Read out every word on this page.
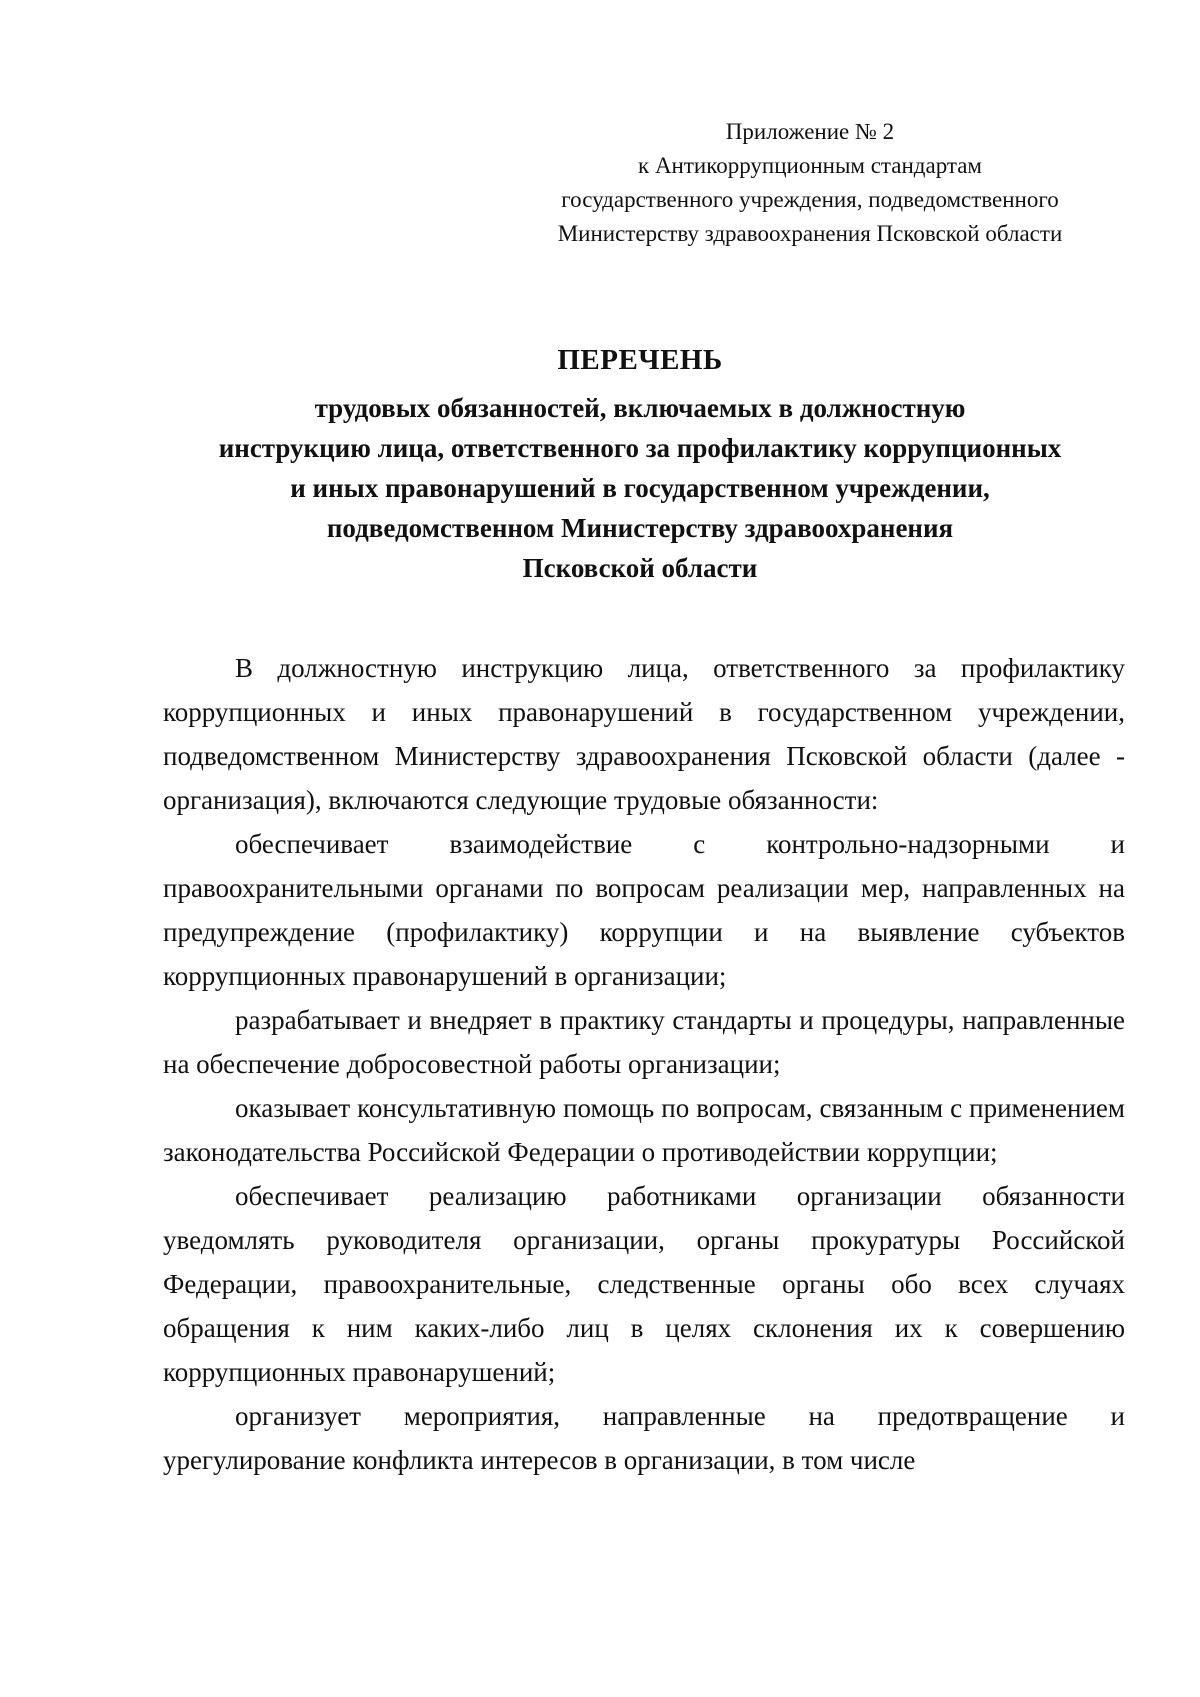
Приложение № 2
к Антикоррупционным стандартам
государственного учреждения, подведомственного
Министерству здравоохранения Псковской области
ПЕРЕЧЕНЬ
трудовых обязанностей, включаемых в должностную
инструкцию лица, ответственного за профилактику коррупционных
и иных правонарушений в государственном учреждении,
подведомственном Министерству здравоохранения
Псковской области

В должностную инструкцию лица, ответственного за профилактику коррупционных и иных правонарушений в государственном учреждении, подведомственном Министерству здравоохранения Псковской области (далее - организация), включаются следующие трудовые обязанности:

обеспечивает взаимодействие с контрольно-надзорными и правоохранительными органами по вопросам реализации мер, направленных на предупреждение (профилактику) коррупции и на выявление субъектов коррупционных правонарушений в организации;

разрабатывает и внедряет в практику стандарты и процедуры, направленные на обеспечение добросовестной работы организации;

оказывает консультативную помощь по вопросам, связанным с применением законодательства Российской Федерации о противодействии коррупции;

обеспечивает реализацию работниками организации обязанности уведомлять руководителя организации, органы прокуратуры Российской Федерации, правоохранительные, следственные органы обо всех случаях обращения к ним каких-либо лиц в целях склонения их к совершению коррупционных правонарушений;

организует мероприятия, направленные на предотвращение и урегулирование конфликта интересов в организации, в том числе
